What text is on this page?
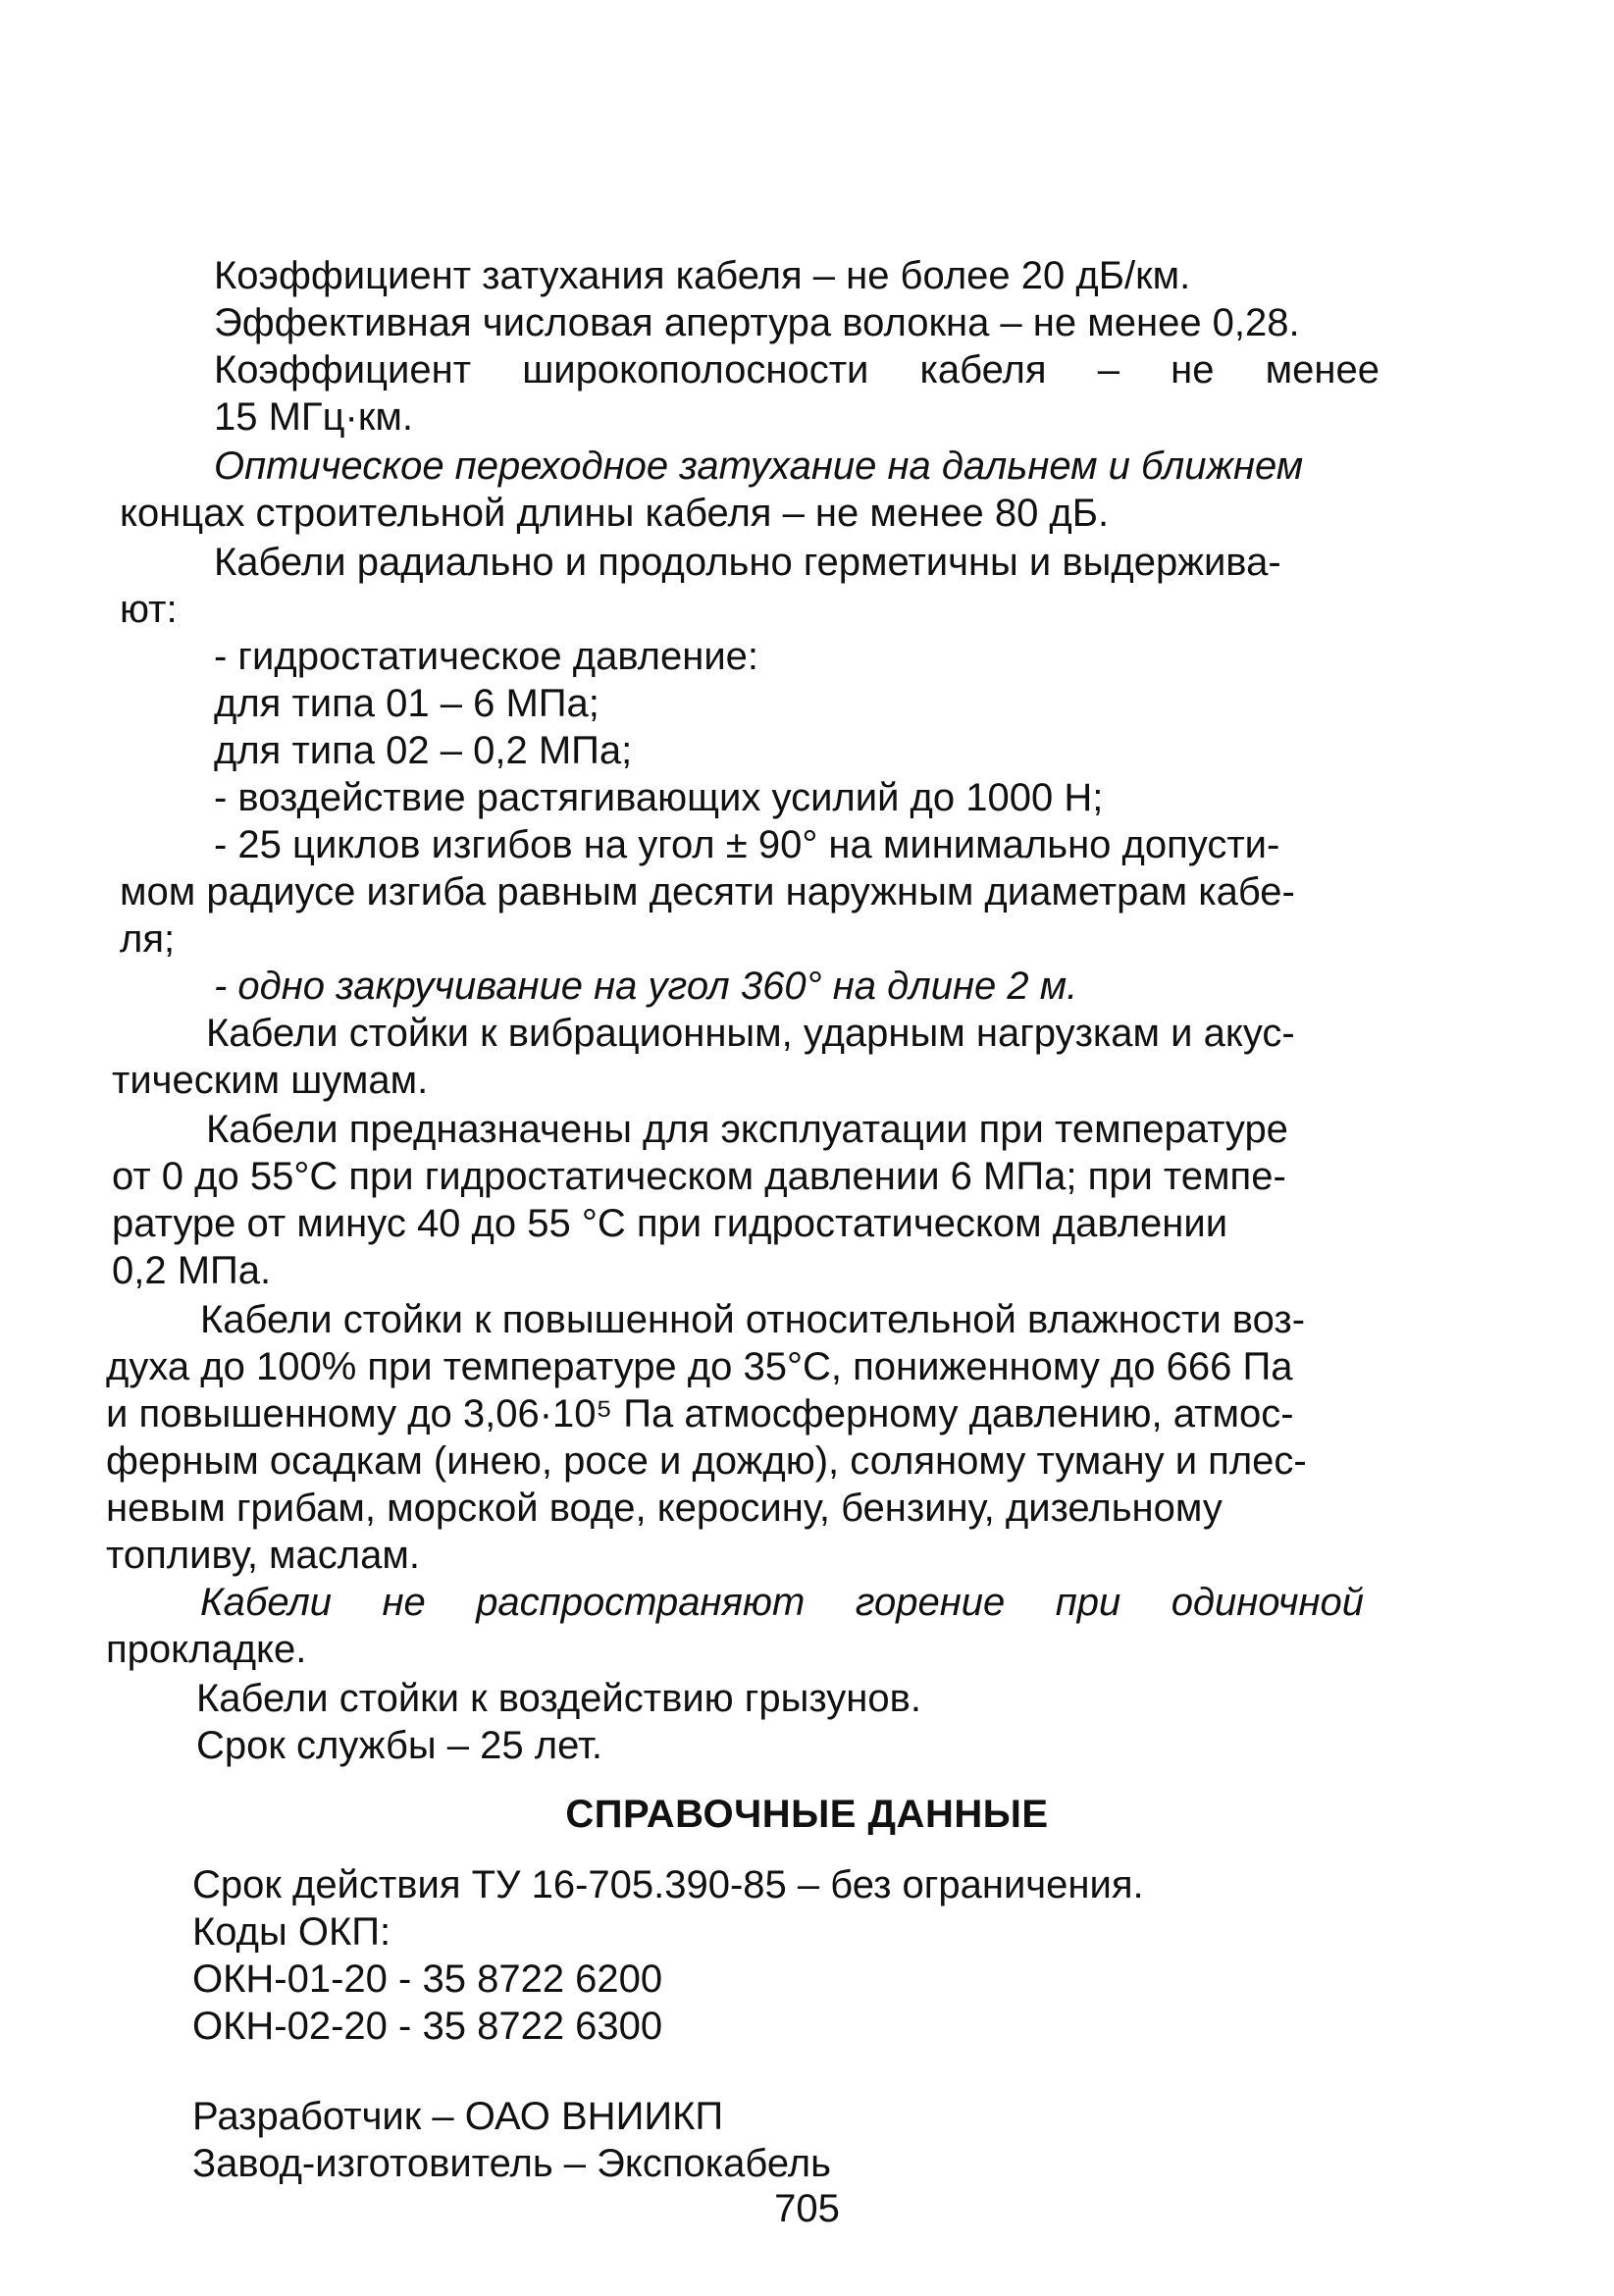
Коэффициент затухания кабеля – не более 20 дБ/км.

Эффективная числовая апертура волокна – не менее 0,28.

Коэффициент широкополосности кабеля – не менее

15 МГц·км.

Оптическое переходное затухание на дальнем и ближнем

концах строительной длины кабеля – не менее 80 дБ.

Кабели радиально и продольно герметичны и выдержива-

ют:

- гидростатическое давление:

для типа 01 – 6 МПа;

для типа 02 – 0,2 МПа;

- воздействие растягивающих усилий до 1000 Н;

- 25 циклов изгибов на угол ± 90° на минимально допусти-

мом радиусе изгиба равным десяти наружным диаметрам кабе-

ля;

- одно закручивание на угол 360° на длине 2 м.

Кабели стойки к вибрационным, ударным нагрузкам и акус-

тическим шумам.

Кабели предназначены для эксплуатации при температуре

от 0 до 55°С при гидростатическом давлении 6 МПа; при темпе-

ратуре от минус 40 до 55 °С при гидростатическом давлении

0,2 МПа.

Кабели стойки к повышенной относительной влажности воз-

духа до 100% при температуре до 35°С, пониженному до 666 Па

и повышенному до 3,06·10⁵ Па атмосферному давлению, атмос-

ферным осадкам (инею, росе и дождю), соляному туману и плес-

невым грибам, морской воде, керосину, бензину, дизельному

топливу, маслам.

Кабели не распространяют горение при одиночной

прокладке.

Кабели стойки к воздействию грызунов.

Срок службы – 25 лет.

СПРАВОЧНЫЕ ДАННЫЕ

Срок действия ТУ 16-705.390-85 – без ограничения.

Коды ОКП:

ОКН-01-20 - 35 8722 6200

ОКН-02-20 - 35 8722 6300

Разработчик – ОАО ВНИИКП

Завод-изготовитель – Экспокабель

705
